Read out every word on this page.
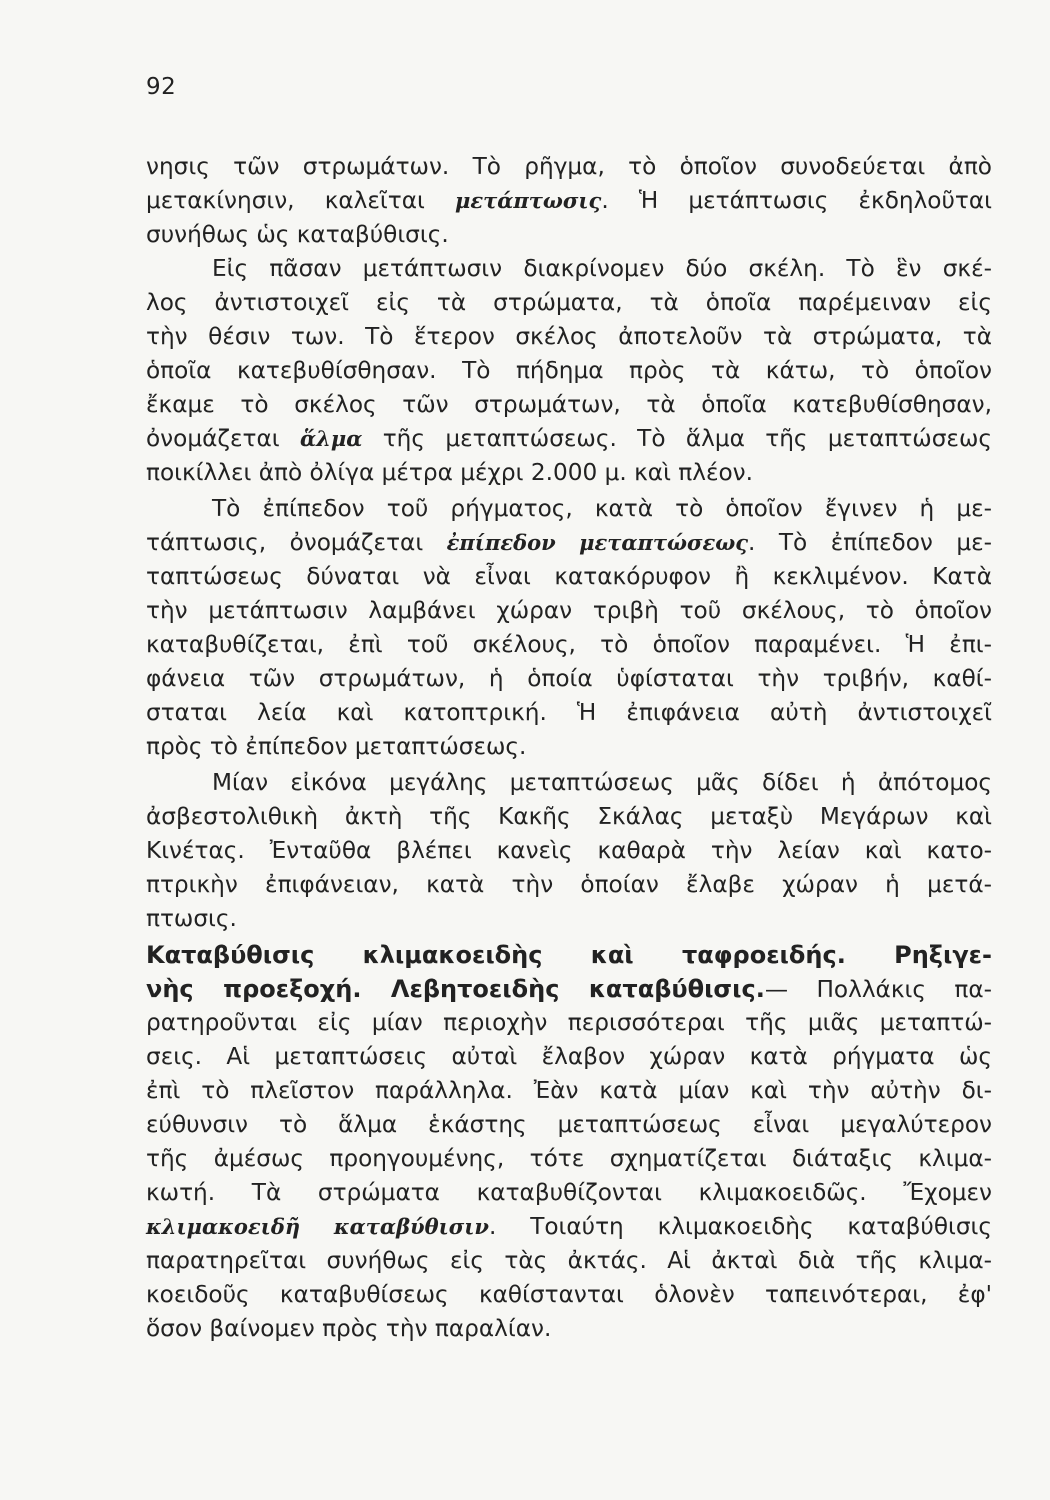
92
νησις τῶν στρωμάτων. Τὸ ρῆγμα, τὸ ὁποῖον συνοδεύεται ἀπὸ
μετακίνησιν, καλεῖται μετάπτωσις. Ἡ μετάπτωσις ἐκδηλοῦται
συνήθως ὡς καταβύθισις.
Εἰς πᾶσαν μετάπτωσιν διακρίνομεν δύο σκέλη. Τὸ ἓν σκέ-
λος ἀντιστοιχεῖ εἰς τὰ στρώματα, τὰ ὁποῖα παρέμειναν εἰς
τὴν θέσιν των. Τὸ ἕτερον σκέλος ἀποτελοῦν τὰ στρώματα, τὰ
ὁποῖα κατεβυθίσθησαν. Τὸ πήδημα πρὸς τὰ κάτω, τὸ ὁποῖον
ἔκαμε τὸ σκέλος τῶν στρωμάτων, τὰ ὁποῖα κατεβυθίσθησαν,
ὀνομάζεται ἅλμα τῆς μεταπτώσεως. Τὸ ἅλμα τῆς μεταπτώσεως
ποικίλλει ἀπὸ ὀλίγα μέτρα μέχρι 2.000 μ. καὶ πλέον.
Τὸ ἐπίπεδον τοῦ ρήγματος, κατὰ τὸ ὁποῖον ἔγινεν ἡ με-
τάπτωσις, ὀνομάζεται ἐπίπεδον μεταπτώσεως. Τὸ ἐπίπεδον με-
ταπτώσεως δύναται νὰ εἶναι κατακόρυφον ἢ κεκλιμένον. Κατὰ
τὴν μετάπτωσιν λαμβάνει χώραν τριβὴ τοῦ σκέλους, τὸ ὁποῖον
καταβυθίζεται, ἐπὶ τοῦ σκέλους, τὸ ὁποῖον παραμένει. Ἡ ἐπι-
φάνεια τῶν στρωμάτων, ἡ ὁποία ὑφίσταται τὴν τριβήν, καθί-
σταται λεία καὶ κατοπτρική. Ἡ ἐπιφάνεια αὐτὴ ἀντιστοιχεῖ
πρὸς τὸ ἐπίπεδον μεταπτώσεως.
Μίαν εἰκόνα μεγάλης μεταπτώσεως μᾶς δίδει ἡ ἀπότομος
ἀσβεστολιθικὴ ἀκτὴ τῆς Κακῆς Σκάλας μεταξὺ Μεγάρων καὶ
Κινέτας. Ἐνταῦθα βλέπει κανεὶς καθαρὰ τὴν λείαν καὶ κατο-
πτρικὴν ἐπιφάνειαν, κατὰ τὴν ὁποίαν ἔλαβε χώραν ἡ μετά-
πτωσις.
Καταβύθισις κλιμακοειδὴς καὶ ταφροειδής. Ρηξιγε-
νὴς προεξοχή. Λεβητοειδὴς καταβύθισις.— Πολλάκις πα-
ρατηροῦνται εἰς μίαν περιοχὴν περισσότεραι τῆς μιᾶς μεταπτώ-
σεις. Αἱ μεταπτώσεις αὐταὶ ἔλαβον χώραν κατὰ ρήγματα ὡς
ἐπὶ τὸ πλεῖστον παράλληλα. Ἐὰν κατὰ μίαν καὶ τὴν αὐτὴν δι-
εύθυνσιν τὸ ἅλμα ἑκάστης μεταπτώσεως εἶναι μεγαλύτερον
τῆς ἀμέσως προηγουμένης, τότε σχηματίζεται διάταξις κλιμα-
κωτή. Τὰ στρώματα καταβυθίζονται κλιμακοειδῶς. Ἔχομεν
κλιμακοειδῆ καταβύθισιν. Τοιαύτη κλιμακοειδὴς καταβύθισις
παρατηρεῖται συνήθως εἰς τὰς ἀκτάς. Αἱ ἀκταὶ διὰ τῆς κλιμα-
κοειδοῦς καταβυθίσεως καθίστανται ὁλονὲν ταπεινότεραι, ἐφ'
ὅσον βαίνομεν πρὸς τὴν παραλίαν.
